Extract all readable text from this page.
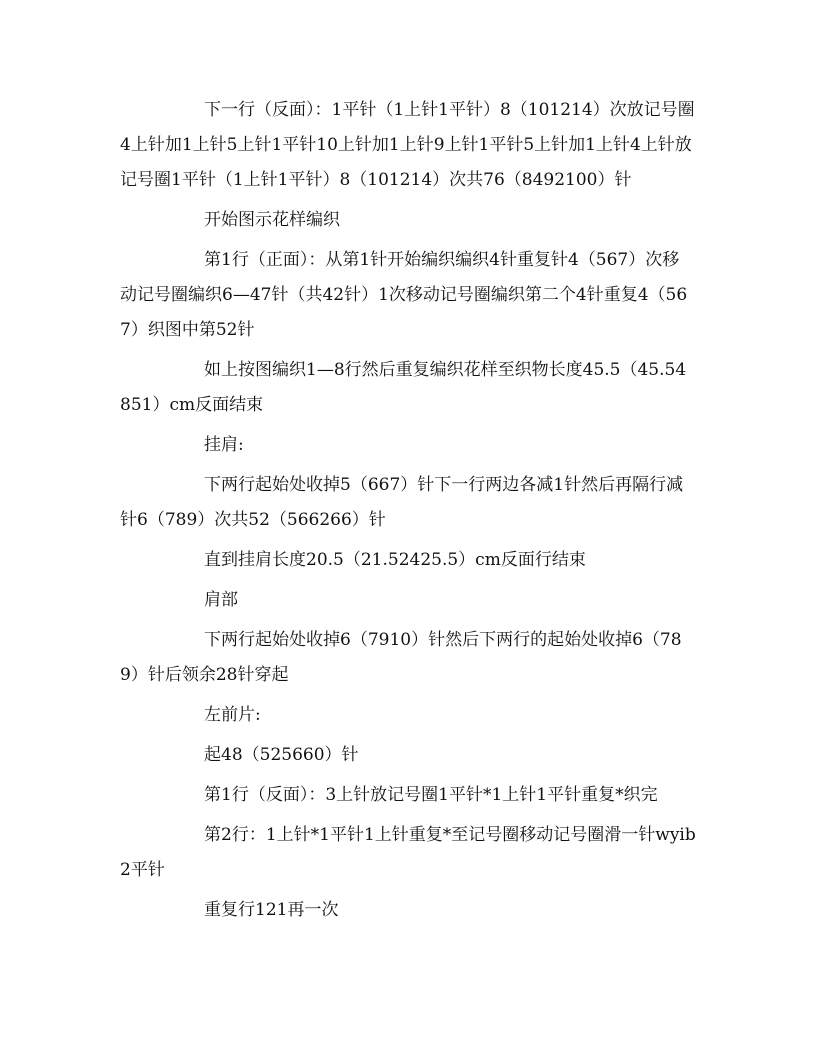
下一行（反面）：1平针（1上针1平针）8（101214）次放记号圈4上针加1上针5上针1平针10上针加1上针9上针1平针5上针加1上针4上针放记号圈1平针（1上针1平针）8（101214）次共76（8492100）针

开始图示花样编织

第1行（正面）：从第1针开始编织编织4针重复针4（567）次移动记号圈编织6—47针（共42针）1次移动记号圈编织第二个4针重复4（567）织图中第52针

如上按图编织1—8行然后重复编织花样至织物长度45.5（45.54851）cm反面结束

挂肩:

下两行起始处收掉5（667）针下一行两边各减1针然后再隔行减针6（789）次共52（566266）针

直到挂肩长度20.5（21.52425.5）cm反面行结束

肩部

下两行起始处收掉6（7910）针然后下两行的起始处收掉6（789）针后领余28针穿起

左前片:

起48（525660）针

第1行（反面）：3上针放记号圈1平针*1上针1平针重复*织完

第2行：1上针*1平针1上针重复*至记号圈移动记号圈滑一针wyib2平针

重复行121再一次
